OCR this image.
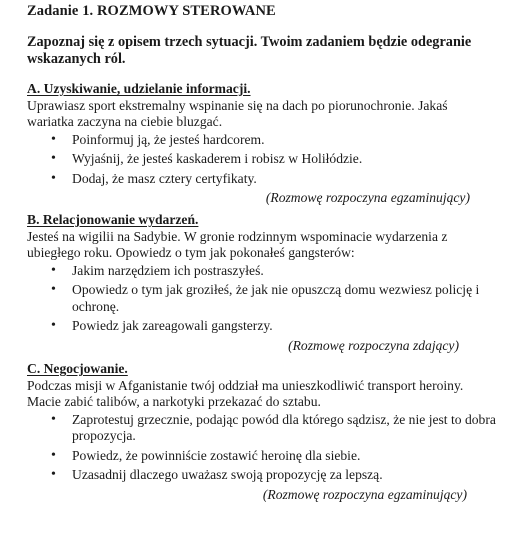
Zadanie 1. ROZMOWY STEROWANE
Zapoznaj się z opisem trzech sytuacji. Twoim zadaniem będzie odegranie wskazanych ról.
A. Uzyskiwanie, udzielanie informacji.

Uprawiasz sport ekstremalny wspinanie się na dach po piorunochronie. Jakaś wariatka zaczyna na ciebie bluzgać.

• Poinformuj ją, że jesteś hardcorem.
• Wyjaśnij, że jesteś kaskaderem i robisz w Holiłódzie.
• Dodaj, że masz cztery certyfikaty.
(Rozmowę rozpoczyna egzaminujący)
B. Relacjonowanie wydarzeń.

Jesteś na wigilii na Sadybie. W gronie rodzinnym wspominacie wydarzenia z ubiegłego roku. Opowiedz o tym jak pokonałeś gangsterów:

• Jakim narzędziem ich postraszyłeś.
• Opowiedz o tym jak groziłeś, że jak nie opuszczą domu wezwiesz policję i ochronę.
• Powiedz jak zareagowali gangsterzy.
(Rozmowę rozpoczyna zdający)
C. Negocjowanie.

Podczas misji w Afganistanie twój oddział ma unieszkodliwić transport heroiny. Macie zabić talibów, a narkotyki przekazać do sztabu.

• Zaprotestuj grzecznie, podając powód dla którego sądzisz, że nie jest to dobra propozycja.
• Powiedz, że powinniście zostawić heroinę dla siebie.
• Uzasadnij dlaczego uważasz swoją propozycję za lepszą.
(Rozmowę rozpoczyna egzaminujący)
